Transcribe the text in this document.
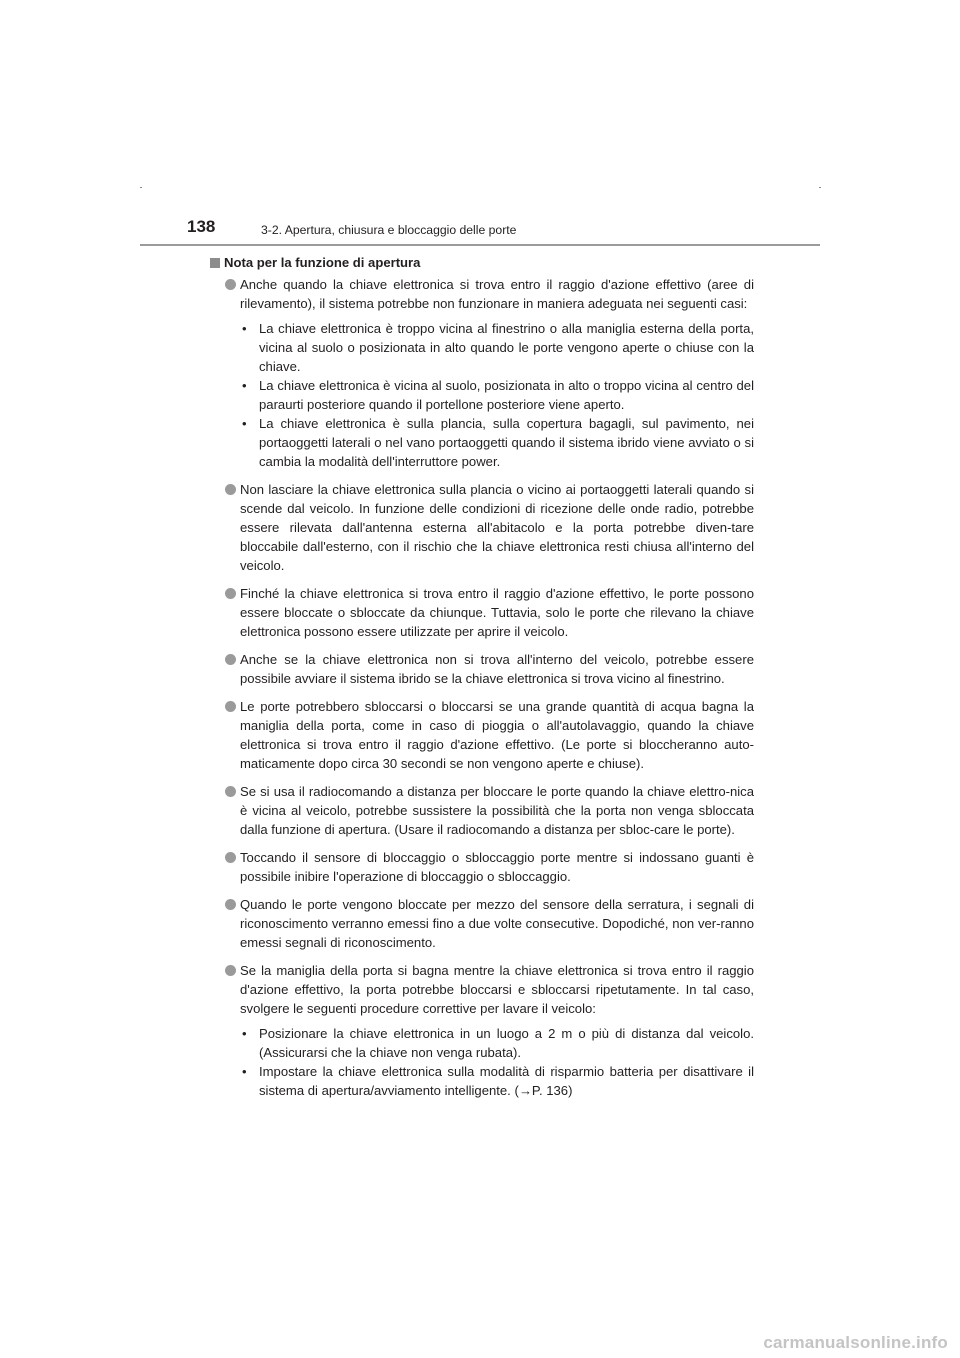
138	3-2. Apertura, chiusura e bloccaggio delle porte
Nota per la funzione di apertura
Anche quando la chiave elettronica si trova entro il raggio d'azione effettivo (aree di rilevamento), il sistema potrebbe non funzionare in maniera adeguata nei seguenti casi:
• La chiave elettronica è troppo vicina al finestrino o alla maniglia esterna della porta, vicina al suolo o posizionata in alto quando le porte vengono aperte o chiuse con la chiave.
• La chiave elettronica è vicina al suolo, posizionata in alto o troppo vicina al centro del paraurti posteriore quando il portellone posteriore viene aperto.
• La chiave elettronica è sulla plancia, sulla copertura bagagli, sul pavimento, nei portaoggetti laterali o nel vano portaoggetti quando il sistema ibrido viene avviato o si cambia la modalità dell'interruttore power.
Non lasciare la chiave elettronica sulla plancia o vicino ai portaoggetti laterali quando si scende dal veicolo. In funzione delle condizioni di ricezione delle onde radio, potrebbe essere rilevata dall'antenna esterna all'abitacolo e la porta potrebbe diven-tare bloccabile dall'esterno, con il rischio che la chiave elettronica resti chiusa all'interno del veicolo.
Finché la chiave elettronica si trova entro il raggio d'azione effettivo, le porte possono essere bloccate o sbloccate da chiunque. Tuttavia, solo le porte che rilevano la chiave elettronica possono essere utilizzate per aprire il veicolo.
Anche se la chiave elettronica non si trova all'interno del veicolo, potrebbe essere possibile avviare il sistema ibrido se la chiave elettronica si trova vicino al finestrino.
Le porte potrebbero sbloccarsi o bloccarsi se una grande quantità di acqua bagna la maniglia della porta, come in caso di pioggia o all'autolavaggio, quando la chiave elettronica si trova entro il raggio d'azione effettivo. (Le porte si bloccheranno auto-maticamente dopo circa 30 secondi se non vengono aperte e chiuse).
Se si usa il radiocomando a distanza per bloccare le porte quando la chiave elettro-nica è vicina al veicolo, potrebbe sussistere la possibilità che la porta non venga sbloccata dalla funzione di apertura. (Usare il radiocomando a distanza per sbloc-care le porte).
Toccando il sensore di bloccaggio o sbloccaggio porte mentre si indossano guanti è possibile inibire l'operazione di bloccaggio o sbloccaggio.
Quando le porte vengono bloccate per mezzo del sensore della serratura, i segnali di riconoscimento verranno emessi fino a due volte consecutive. Dopodiché, non ver-ranno emessi segnali di riconoscimento.
Se la maniglia della porta si bagna mentre la chiave elettronica si trova entro il raggio d'azione effettivo, la porta potrebbe bloccarsi e sbloccarsi ripetutamente. In tal caso, svolgere le seguenti procedure correttive per lavare il veicolo:
• Posizionare la chiave elettronica in un luogo a 2 m o più di distanza dal veicolo. (Assicurarsi che la chiave non venga rubata).
• Impostare la chiave elettronica sulla modalità di risparmio batteria per disattivare il sistema di apertura/avviamento intelligente. (→P. 136)
carmanualsonline.info
